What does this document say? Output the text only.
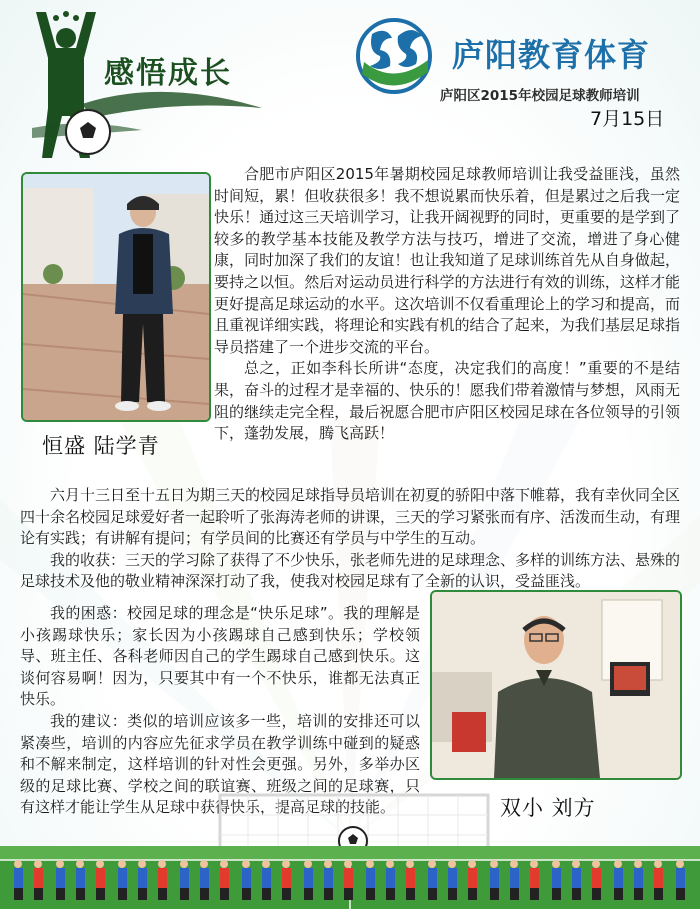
感悟成长	庐阳教育体育
庐阳区2015年校园足球教师培训
7月15日
恒盛 陆学青

合肥市庐阳区2015年暑期校园足球教师培训让我受益匪浅，虽然时间短，累！但收获很多！我不想说累而快乐着，但是累过之后我一定快乐！通过这三天培训学习，让我开阔视野的同时，更重要的是学到了较多的教学基本技能及教学方法与技巧，增进了交流，增进了身心健康，同时加深了我们的友谊！也让我知道了足球训练首先从自身做起，要持之以恒。然后对运动员进行科学的方法进行有效的训练，这样才能更好提高足球运动的水平。这次培训不仅看重理论上的学习和提高，而且重视详细实践，将理论和实践有机的结合了起来，为我们基层足球指导员搭建了一个进步交流的平台。

总之，正如李科长所讲“态度，决定我们的高度！”重要的不是结果，奋斗的过程才是幸福的、快乐的！愿我们带着激情与梦想，风雨无阻的继续走完全程，最后祝愿合肥市庐阳区校园足球在各位领导的引领下，蓬勃发展，腾飞高跃！

六月十三日至十五日为期三天的校园足球指导员培训在初夏的骄阳中落下帷幕，我有幸伙同全区四十余名校园足球爱好者一起聆听了张海涛老师的讲课，三天的学习紧张而有序、活泼而生动，有理论有实践；有讲解有提问；有学员间的比赛还有学员与中学生的互动。

我的收获：三天的学习除了获得了不少快乐，张老师先进的足球理念、多样的训练方法、悬殊的足球技术及他的敬业精神深深打动了我，使我对校园足球有了全新的认识，受益匪浅。

我的困惑：校园足球的理念是“快乐足球”。我的理解是小孩踢球快乐；家长因为小孩踢球自己感到快乐；学校领导、班主任、各科老师因自己的学生踢球自己感到快乐。这谈何容易啊！因为，只要其中有一个不快乐，谁都无法真正快乐。

我的建议：类似的培训应该多一些，培训的安排还可以紧凑些，培训的内容应先征求学员在教学训练中碰到的疑惑和不解来制定，这样培训的针对性会更强。另外，多举办区级的足球比赛、学校之间的联谊赛、班级之间的足球赛，只有这样才能让学生从足球中获得快乐，提高足球的技能。	双小 刘方
